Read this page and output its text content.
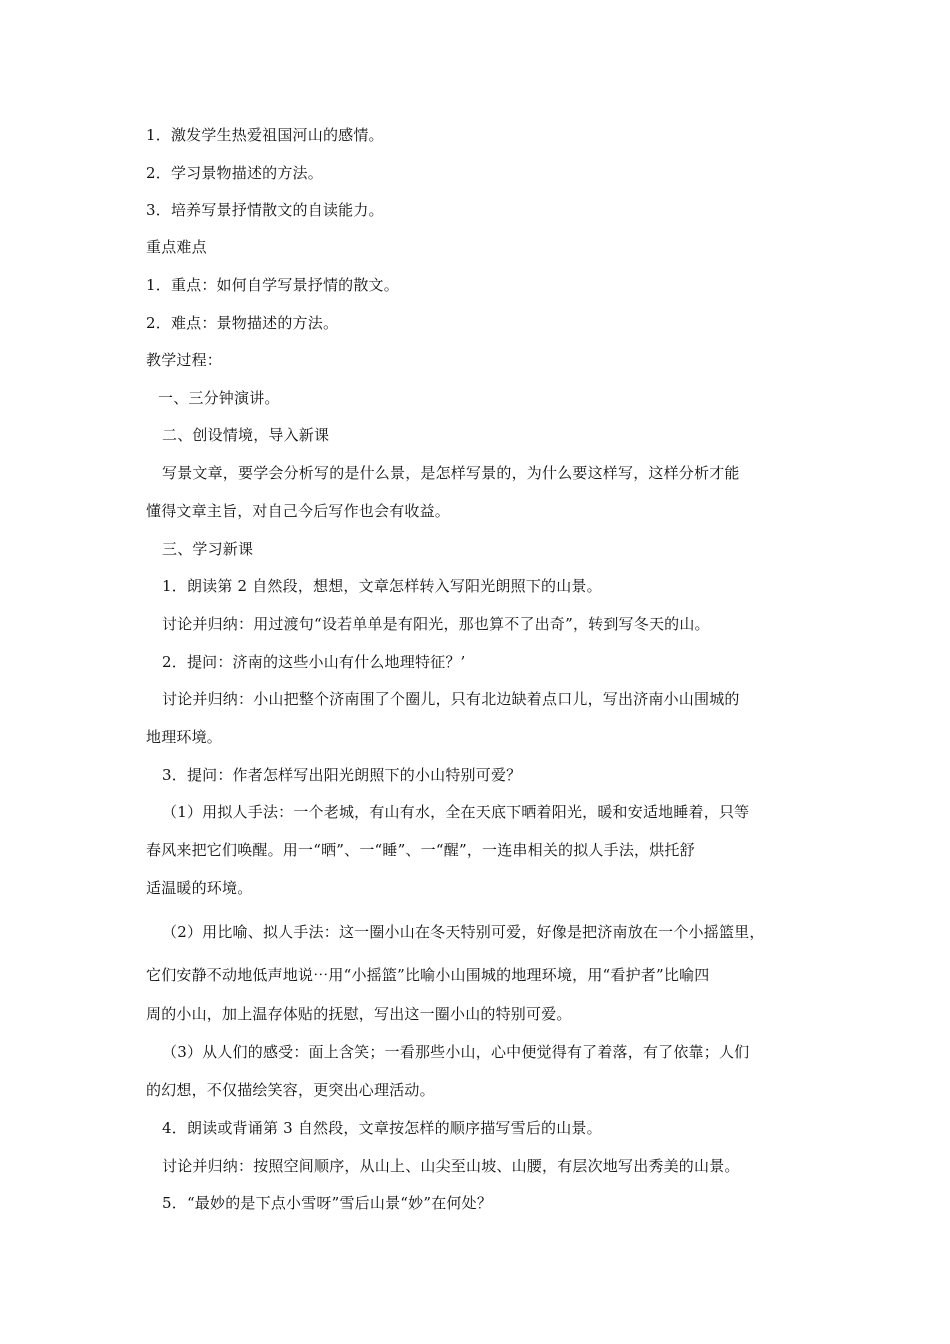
1．激发学生热爱祖国河山的感情。
2．学习景物描述的方法。
3．培养写景抒情散文的自读能力。
重点难点
1．重点：如何自学写景抒情的散文。
2．难点：景物描述的方法。
教学过程：
一、三分钟演讲。
二、创设情境，导入新课
写景文章，要学会分析写的是什么景，是怎样写景的，为什么要这样写，这样分析才能
懂得文章主旨，对自己今后写作也会有收益。
三、学习新课
1．朗读第 2 自然段，想想，文章怎样转入写阳光朗照下的山景。
讨论并归纳：用过渡句“设若单单是有阳光，那也算不了出奇”，转到写冬天的山。
2．提问：济南的这些小山有什么地理特征？’
讨论并归纳：小山把整个济南围了个圈儿，只有北边缺着点口儿，写出济南小山围城的
地理环境。
3．提问：作者怎样写出阳光朗照下的小山特别可爱？
（1）用拟人手法：一个老城，有山有水，全在天底下晒着阳光，暖和安适地睡着，只等
春风来把它们唤醒。用一“晒”、一“睡”、一“醒”，一连串相关的拟人手法，烘托舒
适温暖的环境。
（2）用比喻、拟人手法：这一圈小山在冬天特别可爱，好像是把济南放在一个小摇篮里，
它们安静不动地低声地说⋯用“小摇篮”比喻小山围城的地理环境，用“看护者”比喻四
周的小山，加上温存体贴的抚慰，写出这一圈小山的特别可爱。
（3）从人们的感受：面上含笑；一看那些小山，心中便觉得有了着落，有了依靠；人们
的幻想，不仅描绘笑容，更突出心理活动。
4．朗读或背诵第 3 自然段，文章按怎样的顺序描写雪后的山景。
讨论并归纳：按照空间顺序，从山上、山尖至山坡、山腰，有层次地写出秀美的山景。
5．“最妙的是下点小雪呀”雪后山景“妙”在何处？
